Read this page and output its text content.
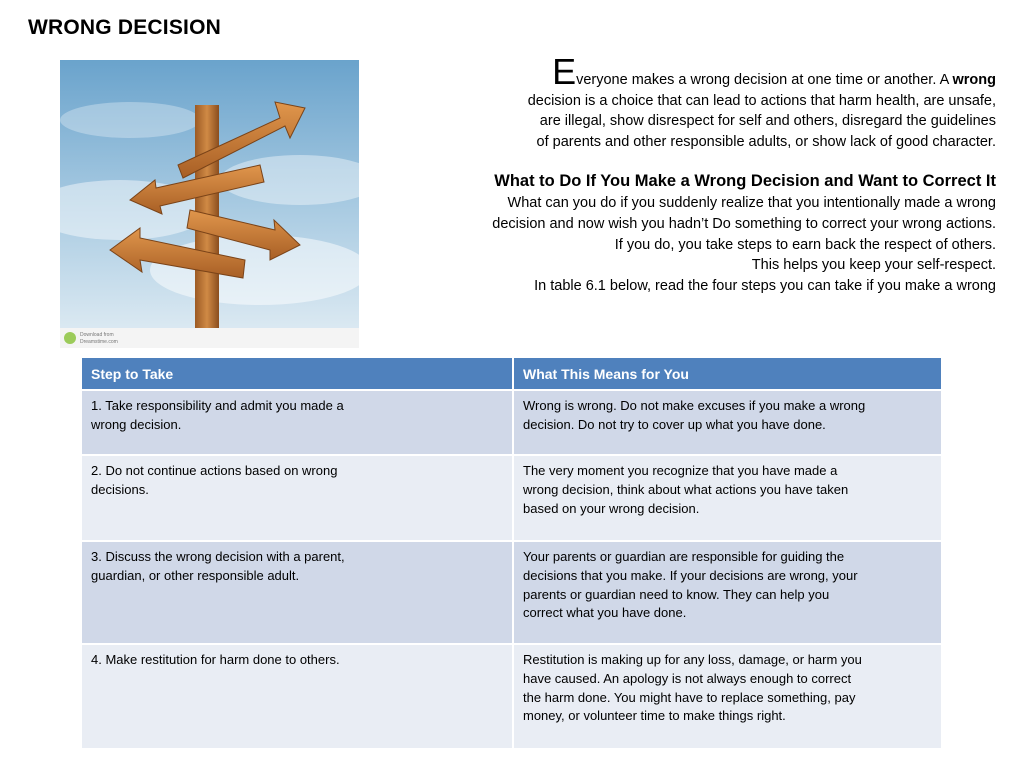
WRONG DECISION
Download from
Dreamstime.com

Everyone makes a wrong decision at one time or another. A wrong

decision is a choice that can lead to actions that harm health, are unsafe,
are illegal, show disrespect for self and others, disregard the guidelines
of parents and other responsible adults, or show lack of good character.

What to Do If You Make a Wrong Decision and Want to Correct It

What can you do if you suddenly realize that you intentionally made a wrong
decision and now wish you hadn’t Do something to correct your wrong actions.
If you do, you take steps to earn back the respect of others.
This helps you keep your self-respect.
In table 6.1 below, read the four steps you can take if you make a wrong

Step to Take	What This Means for You
1. Take responsibility and admit you made a
wrong decision.	Wrong is wrong. Do not make excuses if you make a wrong
decision. Do not try to cover up what you have done.
2. Do not continue actions based on wrong
decisions.	The very moment you recognize that you have made a
wrong decision, think about what actions you have taken
based on your wrong decision.
3. Discuss the wrong decision with a parent,
guardian, or other responsible adult.	Your parents or guardian are responsible for guiding the
decisions that you make. If your decisions are wrong, your
parents or guardian need to know. They can help you
correct what you have done.
4. Make restitution for harm done to others.	Restitution is making up for any loss, damage, or harm you
have caused. An apology is not always enough to correct
the harm done. You might have to replace something, pay
money, or volunteer time to make things right.
